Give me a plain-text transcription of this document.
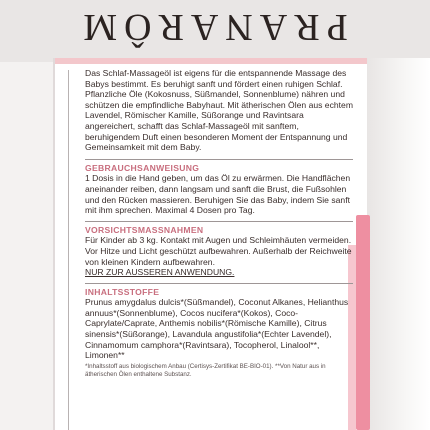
PRANARÔM

Das Schlaf-Massageöl ist eigens für die entspannende Massage des Babys bestimmt. Es beruhigt sanft und fördert einen ruhigen Schlaf. Pflanzliche Öle (Kokosnuss, Süßmandel, Sonnenblume) nähren und schützen die empfindliche Babyhaut. Mit ätherischen Ölen aus echtem Lavendel, Römischer Kamille, Süßorange und Ravintsara angereichert, schafft das Schlaf-Massageöl mit sanftem, beruhigendem Duft einen besonderen Moment der Entspannung und Gemeinsamkeit mit dem Baby.

GEBRAUCHSANWEISUNG

1 Dosis in die Hand geben, um das Öl zu erwärmen. Die Handflächen aneinander reiben, dann langsam und sanft die Brust, die Fußsohlen und den Rücken massieren. Beruhigen Sie das Baby, indem Sie sanft mit ihm sprechen. Maximal 4 Dosen pro Tag.

VORSICHTSMASSNAHMEN

Für Kinder ab 3 kg. Kontakt mit Augen und Schleimhäuten vermeiden. Vor Hitze und Licht geschützt aufbewahren. Außerhalb der Reichweite von kleinen Kindern aufbewahren.

NUR ZUR AUSSEREN ANWENDUNG.

INHALTSSTOFFE

Prunus amygdalus dulcis*(Süßmandel), Coconut Alkanes, Helianthus annuus*(Sonnenblume), Cocos nucifera*(Kokos), Coco-Caprylate/Caprate, Anthemis nobilis*(Römische Kamille), Citrus sinensis*(Süßorange), Lavandula angustifolia*(Echter Lavendel), Cinnamomum camphora*(Ravintsara), Tocopherol, Linalool**, Limonen**

*Inhaltsstoff aus biologischem Anbau (Certisys-Zertifikat BE-BIO-01). **Von Natur aus in ätherischen Ölen enthaltene Substanz.
